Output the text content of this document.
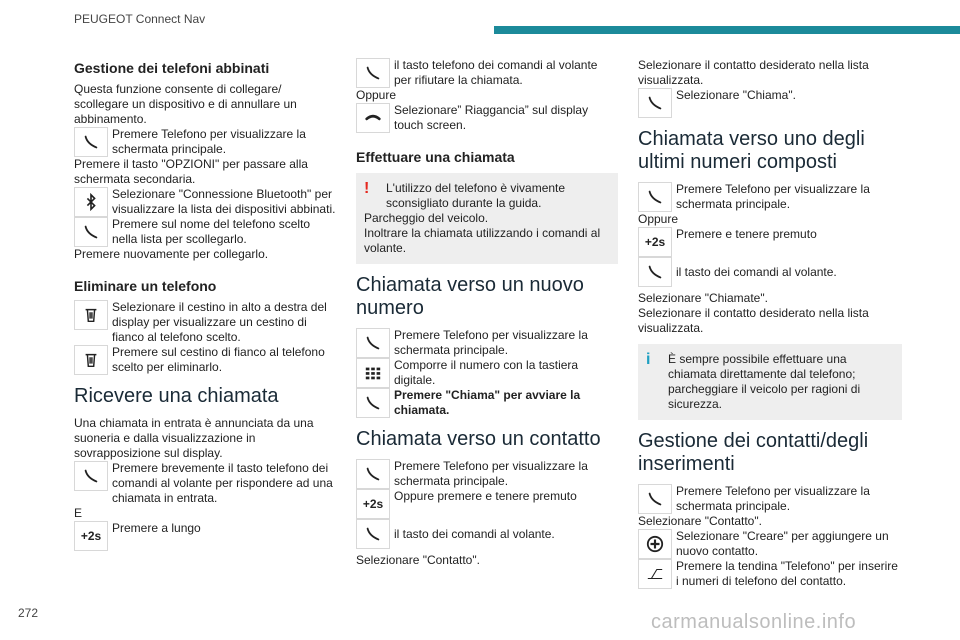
PEUGEOT Connect Nav
Gestione dei telefoni abbinati
Questa funzione consente di collegare/ scollegare un dispositivo e di annullare un abbinamento.
Premere Telefono per visualizzare la schermata principale.
Premere il tasto "OPZIONI" per passare alla schermata secondaria.
Selezionare "Connessione Bluetooth" per visualizzare la lista dei dispositivi abbinati.
Premere sul nome del telefono scelto nella lista per scollegarlo.
Premere nuovamente per collegarlo.
Eliminare un telefono
Selezionare il cestino in alto a destra del display per visualizzare un cestino di fianco al telefono scelto.
Premere sul cestino di fianco al telefono scelto per eliminarlo.
Ricevere una chiamata
Una chiamata in entrata è annunciata da una suoneria e dalla visualizzazione in sovrapposizione sul display.
Premere brevemente il tasto telefono dei comandi al volante per rispondere ad una chiamata in entrata.
E
+2s
Premere a lungo
il tasto telefono dei comandi al volante per rifiutare la chiamata.
Oppure
Selezionare” Riaggancia” sul display touch screen.
Effettuare una chiamata
!	L'utilizzo del telefono è vivamente sconsigliato durante la guida.
Parcheggio del veicolo.
Inoltrare la chiamata utilizzando i comandi al volante.
Chiamata verso un nuovo numero
Premere Telefono per visualizzare la schermata principale.
Comporre il numero con la tastiera digitale.
Premere "Chiama" per avviare la chiamata.
Chiamata verso un contatto
Premere Telefono per visualizzare la schermata principale.
+2s
Oppure premere e tenere premuto
il tasto dei comandi al volante.
Selezionare "Contatto".
Selezionare il contatto desiderato nella lista visualizzata.
Selezionare "Chiama".
Chiamata verso uno degli ultimi numeri composti
Premere Telefono per visualizzare la schermata principale.
Oppure
+2s
Premere e tenere premuto
il tasto dei comandi al volante.
Selezionare "Chiamate".
Selezionare il contatto desiderato nella lista visualizzata.
i	È sempre possibile effettuare una chiamata direttamente dal telefono; parcheggiare il veicolo per ragioni di sicurezza.
Gestione dei contatti/degli inserimenti
Premere Telefono per visualizzare la schermata principale.
Selezionare "Contatto".
Selezionare "Creare" per aggiungere un nuovo contatto.
Premere la tendina "Telefono" per inserire i numeri di telefono del contatto.
272	carmanualsonline.info
